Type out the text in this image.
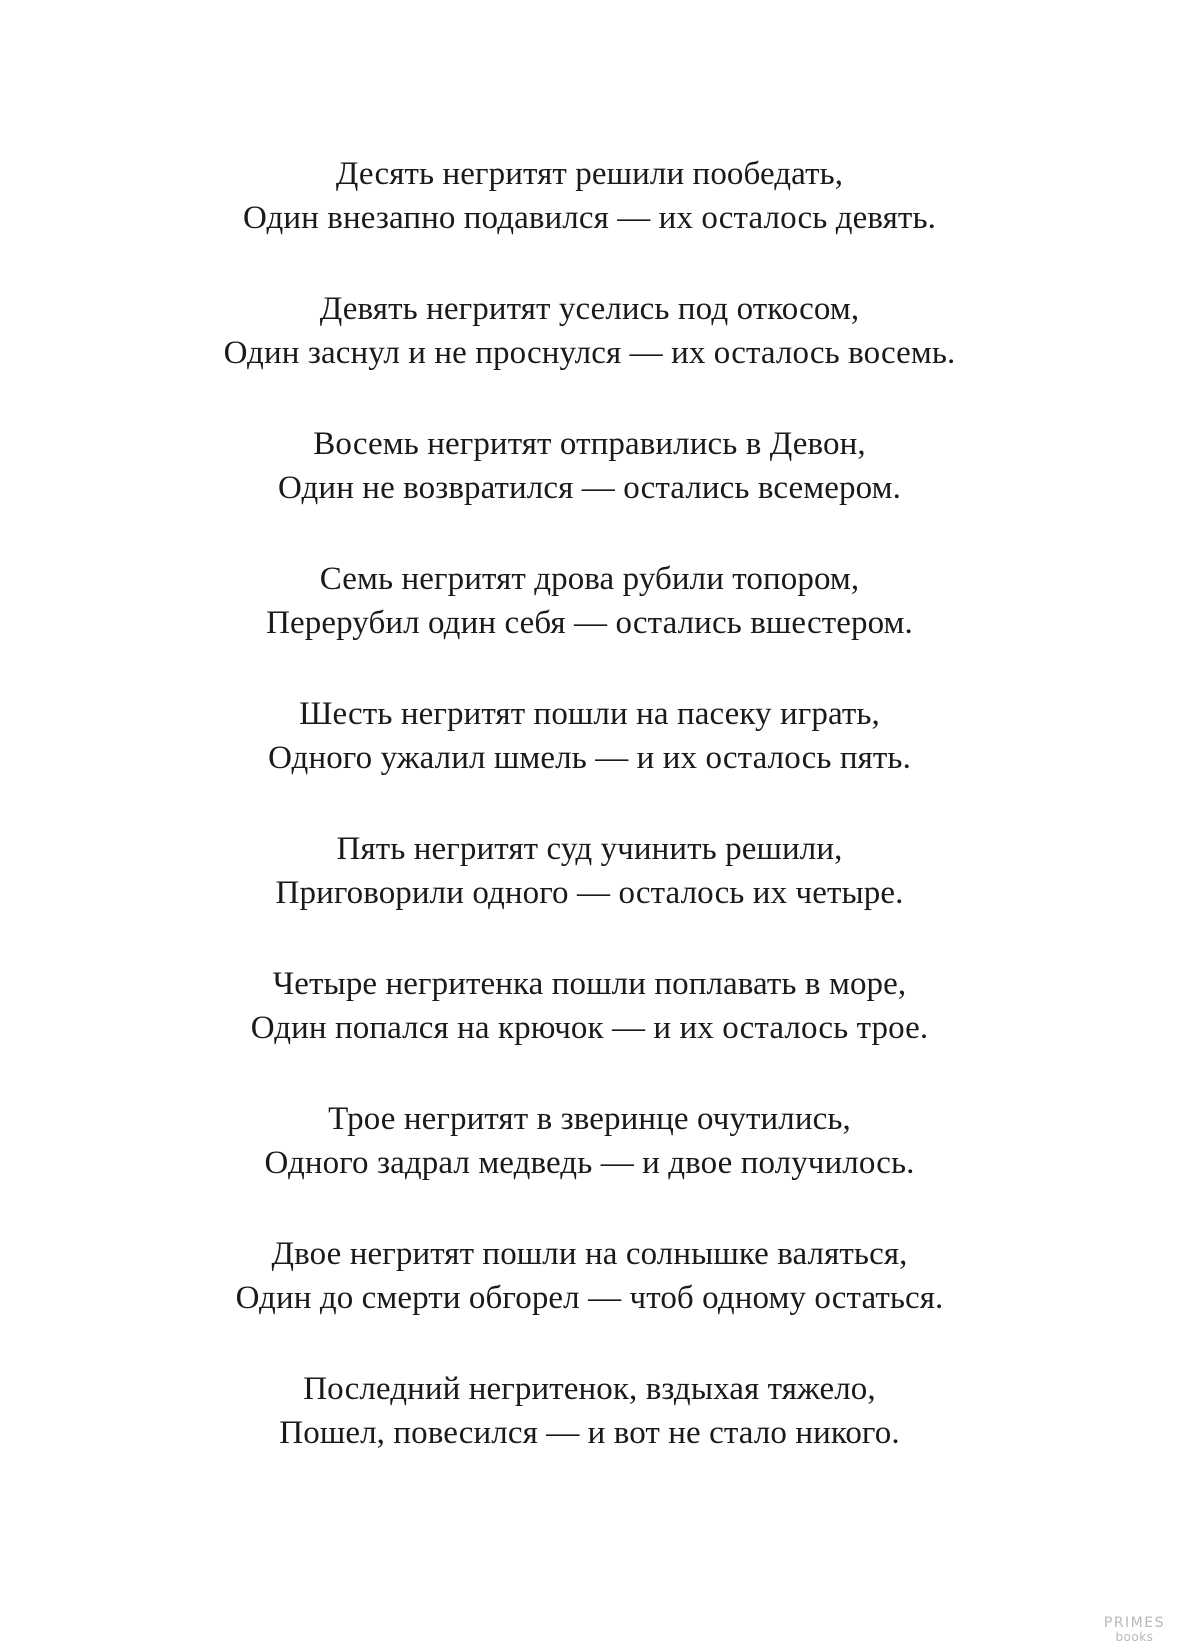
Десять негритят решили пообедать,
Один внезапно подавился — их осталось девять.
Девять негритят уселись под откосом,
Один заснул и не проснулся — их осталось восемь.
Восемь негритят отправились в Девон,
Один не возвратился — остались всемером.
Семь негритят дрова рубили топором,
Перерубил один себя — остались вшестером.
Шесть негритят пошли на пасеку играть,
Одного ужалил шмель — и их осталось пять.
Пять негритят суд учинить решили,
Приговорили одного — осталось их четыре.
Четыре негритенка пошли поплавать в море,
Один попался на крючок — и их осталось трое.
Трое негритят в зверинце очутились,
Одного задрал медведь — и двое получилось.
Двое негритят пошли на солнышке валяться,
Один до смерти обгорел — чтоб одному остаться.
Последний негритенок, вздыхая тяжело,
Пошел, повесился — и вот не стало никого.
PRIMES
books
